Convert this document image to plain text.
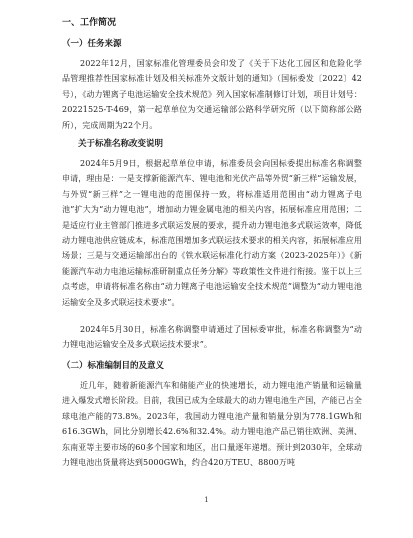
一、工作简况
（一）任务来源
2022年12月，国家标准化管理委员会印发了《关于下达化工园区和危险化学品管理推荐性国家标准计划及相关标准外文版计划的通知》（国标委发〔2022〕42号），《动力锂离子电池运输安全技术规范》列入国家标准制修订计划，项目计划号：20221525-T-469，第一起草单位为交通运输部公路科学研究所（以下简称部公路所），完成周期为22个月。
关于标准名称改变说明
2024年5月9日，根据起草单位申请，标准委员会向国标委提出标准名称调整申请，理由是：一是支撑新能源汽车、锂电池和光伏产品等外贸“新三样”运输发展，与外贸“新三样”之一锂电池的范围保持一致，将标准适用范围由“动力锂离子电池”扩大为“动力锂电池”，增加动力锂金属电池的相关内容，拓展标准应用范围；二是适应行业主管部门推进多式联运发展的要求，提升动力锂电池多式联运效率，降低动力锂电池供应链成本，标准范围增加多式联运技术要求的相关内容，拓展标准应用场景；三是与交通运输部出台的《铁水联运标准化行动方案（2023-2025年）》《新能源汽车动力电池运输标准研制重点任务分解》等政策性文件进行衔接。鉴于以上三点考虑，申请将标准名称由“动力锂离子电池运输安全技术规范”调整为“动力锂电池运输安全及多式联运技术要求”。
2024年5月30日，标准名称调整申请通过了国标委审批，标准名称调整为“动力锂电池运输安全及多式联运技术要求”。
（二）标准编制目的及意义
近几年，随着新能源汽车和储能产业的快速增长，动力锂电池产销量和运输量进入爆发式增长阶段。目前，我国已成为全球最大的动力锂电池生产国，产能已占全球电池产能的73.8%。2023年，我国动力锂电池产量和销量分别为778.1GWh和616.3GWh，同比分别增长42.6%和32.4%。动力锂电池产品已销往欧洲、美洲、东南亚等主要市场的60多个国家和地区，出口量逐年递增。预计到2030年，全球动力锂电池出货量将达到5000GWh，约合420万TEU、8800万吨
1
